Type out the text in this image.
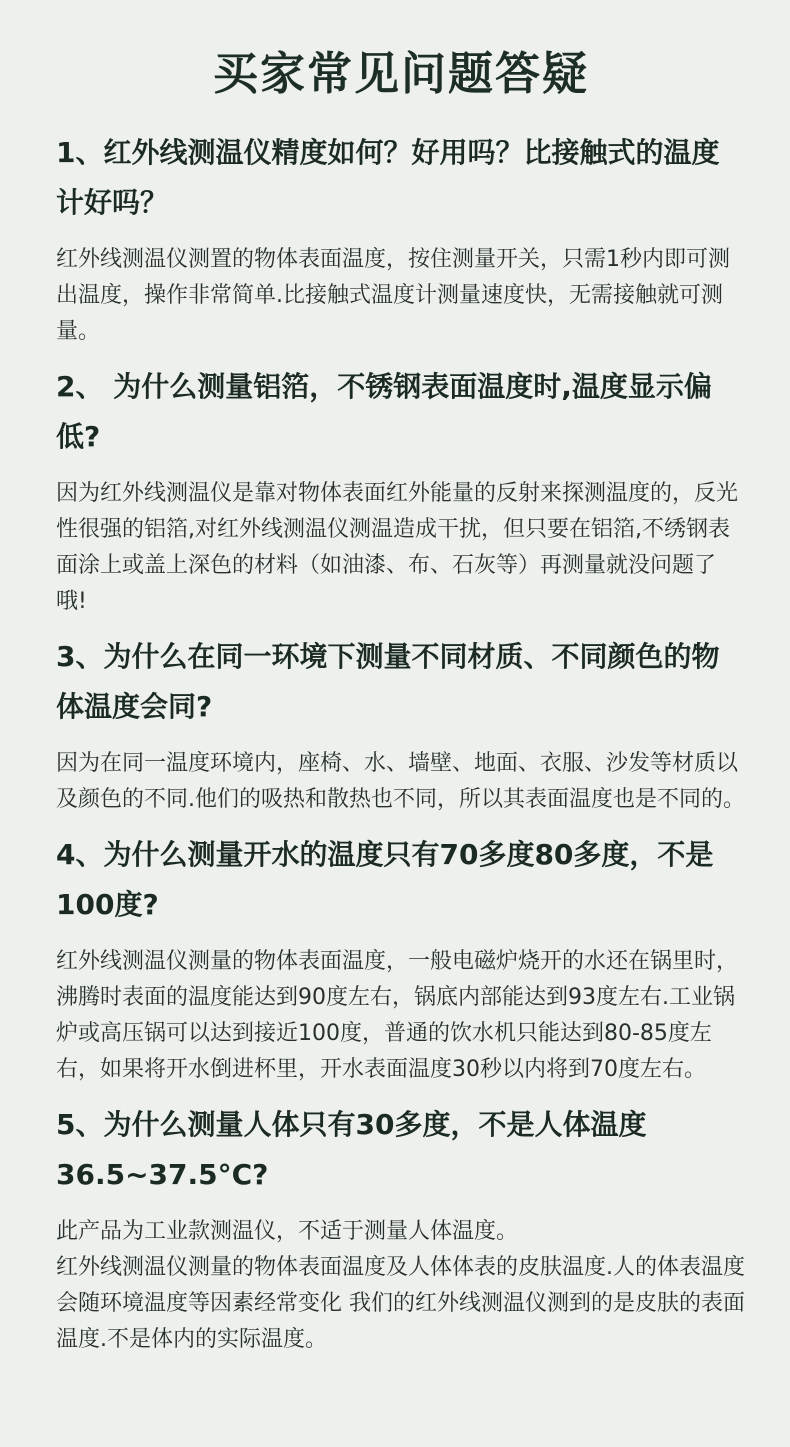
买家常见问题答疑
1、红外线测温仪精度如何？好用吗？比接触式的温度计好吗？

红外线测温仪测置的物体表面温度，按住测量开关，只需1秒内即可测出温度，操作非常简单.比接触式温度计测量速度快，无需接触就可测量。

2、 为什么测量铝箔，不锈钢表面温度时,温度显示偏低?

因为红外线测温仪是靠对物体表面红外能量的反射来探测温度的，反光性很强的铝箔,对红外线测温仪测温造成干扰，但只要在铝箔,不绣钢表面涂上或盖上深色的材料（如油漆、布、石灰等）再测量就没问题了哦!

3、为什么在同一环境下测量不同材质、不同颜色的物体温度会同?

因为在同一温度环境内，座椅、水、墙壁、地面、衣服、沙发等材质以及颜色的不同.他们的吸热和散热也不同，所以其表面温度也是不同的。

4、为什么测量开水的温度只有70多度80多度，不是100度?

红外线测温仪测量的物体表面温度，一般电磁炉烧开的水还在锅里时，沸腾时表面的温度能达到90度左右，锅底内部能达到93度左右.工业锅炉或高压锅可以达到接近100度，普通的饮水机只能达到80-85度左右，如果将开水倒进杯里，开水表面温度30秒以内将到70度左右。

5、为什么测量人体只有30多度，不是人体温度36.5~37.5°C?

此产品为工业款测温仪，不适于测量人体温度。

红外线测温仪测量的物体表面温度及人体体表的皮肤温度.人的体表温度会随环境温度等因素经常变化 我们的红外线测温仪测到的是皮肤的表面温度.不是体内的实际温度。
